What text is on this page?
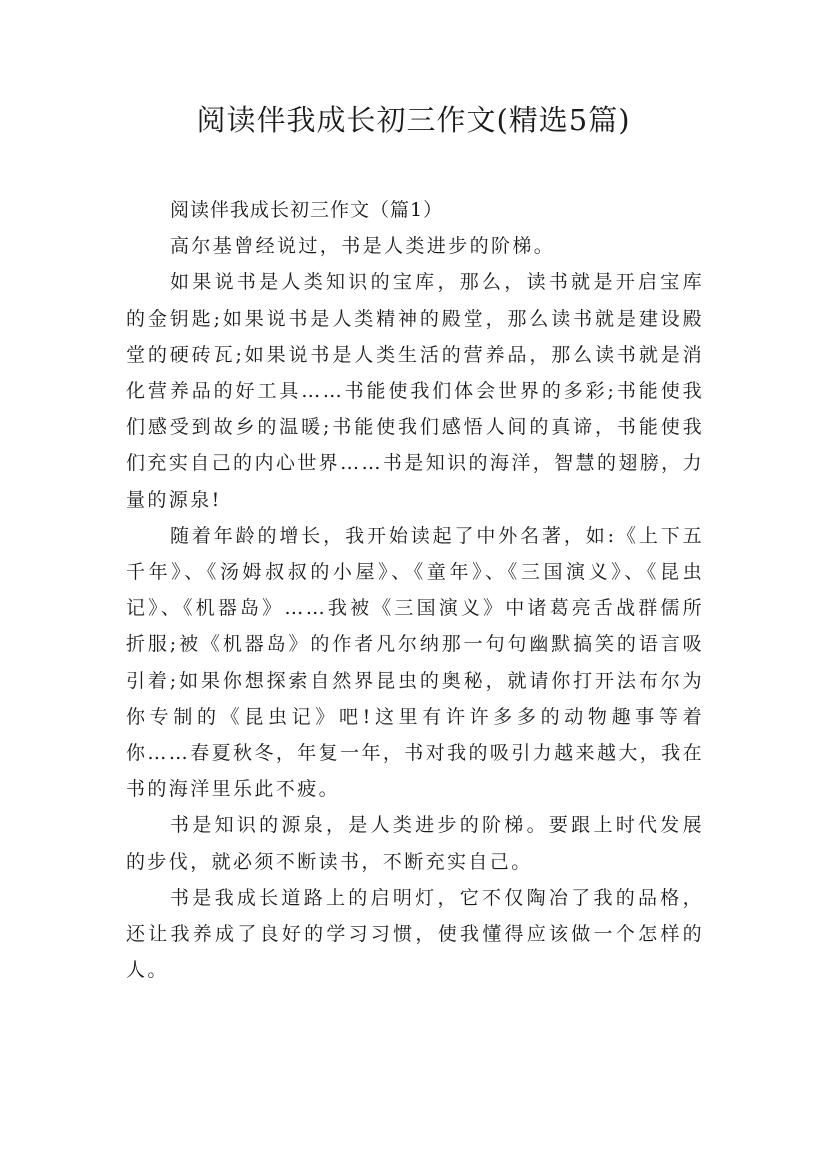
阅读伴我成长初三作文(精选5篇)

阅读伴我成长初三作文（篇1）

高尔基曾经说过，书是人类进步的阶梯。

如果说书是人类知识的宝库，那么，读书就是开启宝库的金钥匙;如果说书是人类精神的殿堂，那么读书就是建设殿堂的硬砖瓦;如果说书是人类生活的营养品，那么读书就是消化营养品的好工具……书能使我们体会世界的多彩;书能使我们感受到故乡的温暖;书能使我们感悟人间的真谛，书能使我们充实自己的内心世界……书是知识的海洋，智慧的翅膀，力量的源泉!

随着年龄的增长，我开始读起了中外名著，如:《上下五千年》、《汤姆叔叔的小屋》、《童年》、《三国演义》、《昆虫记》、《机器岛》……我被《三国演义》中诸葛亮舌战群儒所折服;被《机器岛》的作者凡尔纳那一句句幽默搞笑的语言吸引着;如果你想探索自然界昆虫的奥秘，就请你打开法布尔为你专制的《昆虫记》吧!这里有许许多多的动物趣事等着你……春夏秋冬，年复一年，书对我的吸引力越来越大，我在书的海洋里乐此不疲。

书是知识的源泉，是人类进步的阶梯。要跟上时代发展的步伐，就必须不断读书，不断充实自己。

书是我成长道路上的启明灯，它不仅陶冶了我的品格，还让我养成了良好的学习习惯，使我懂得应该做一个怎样的人。
